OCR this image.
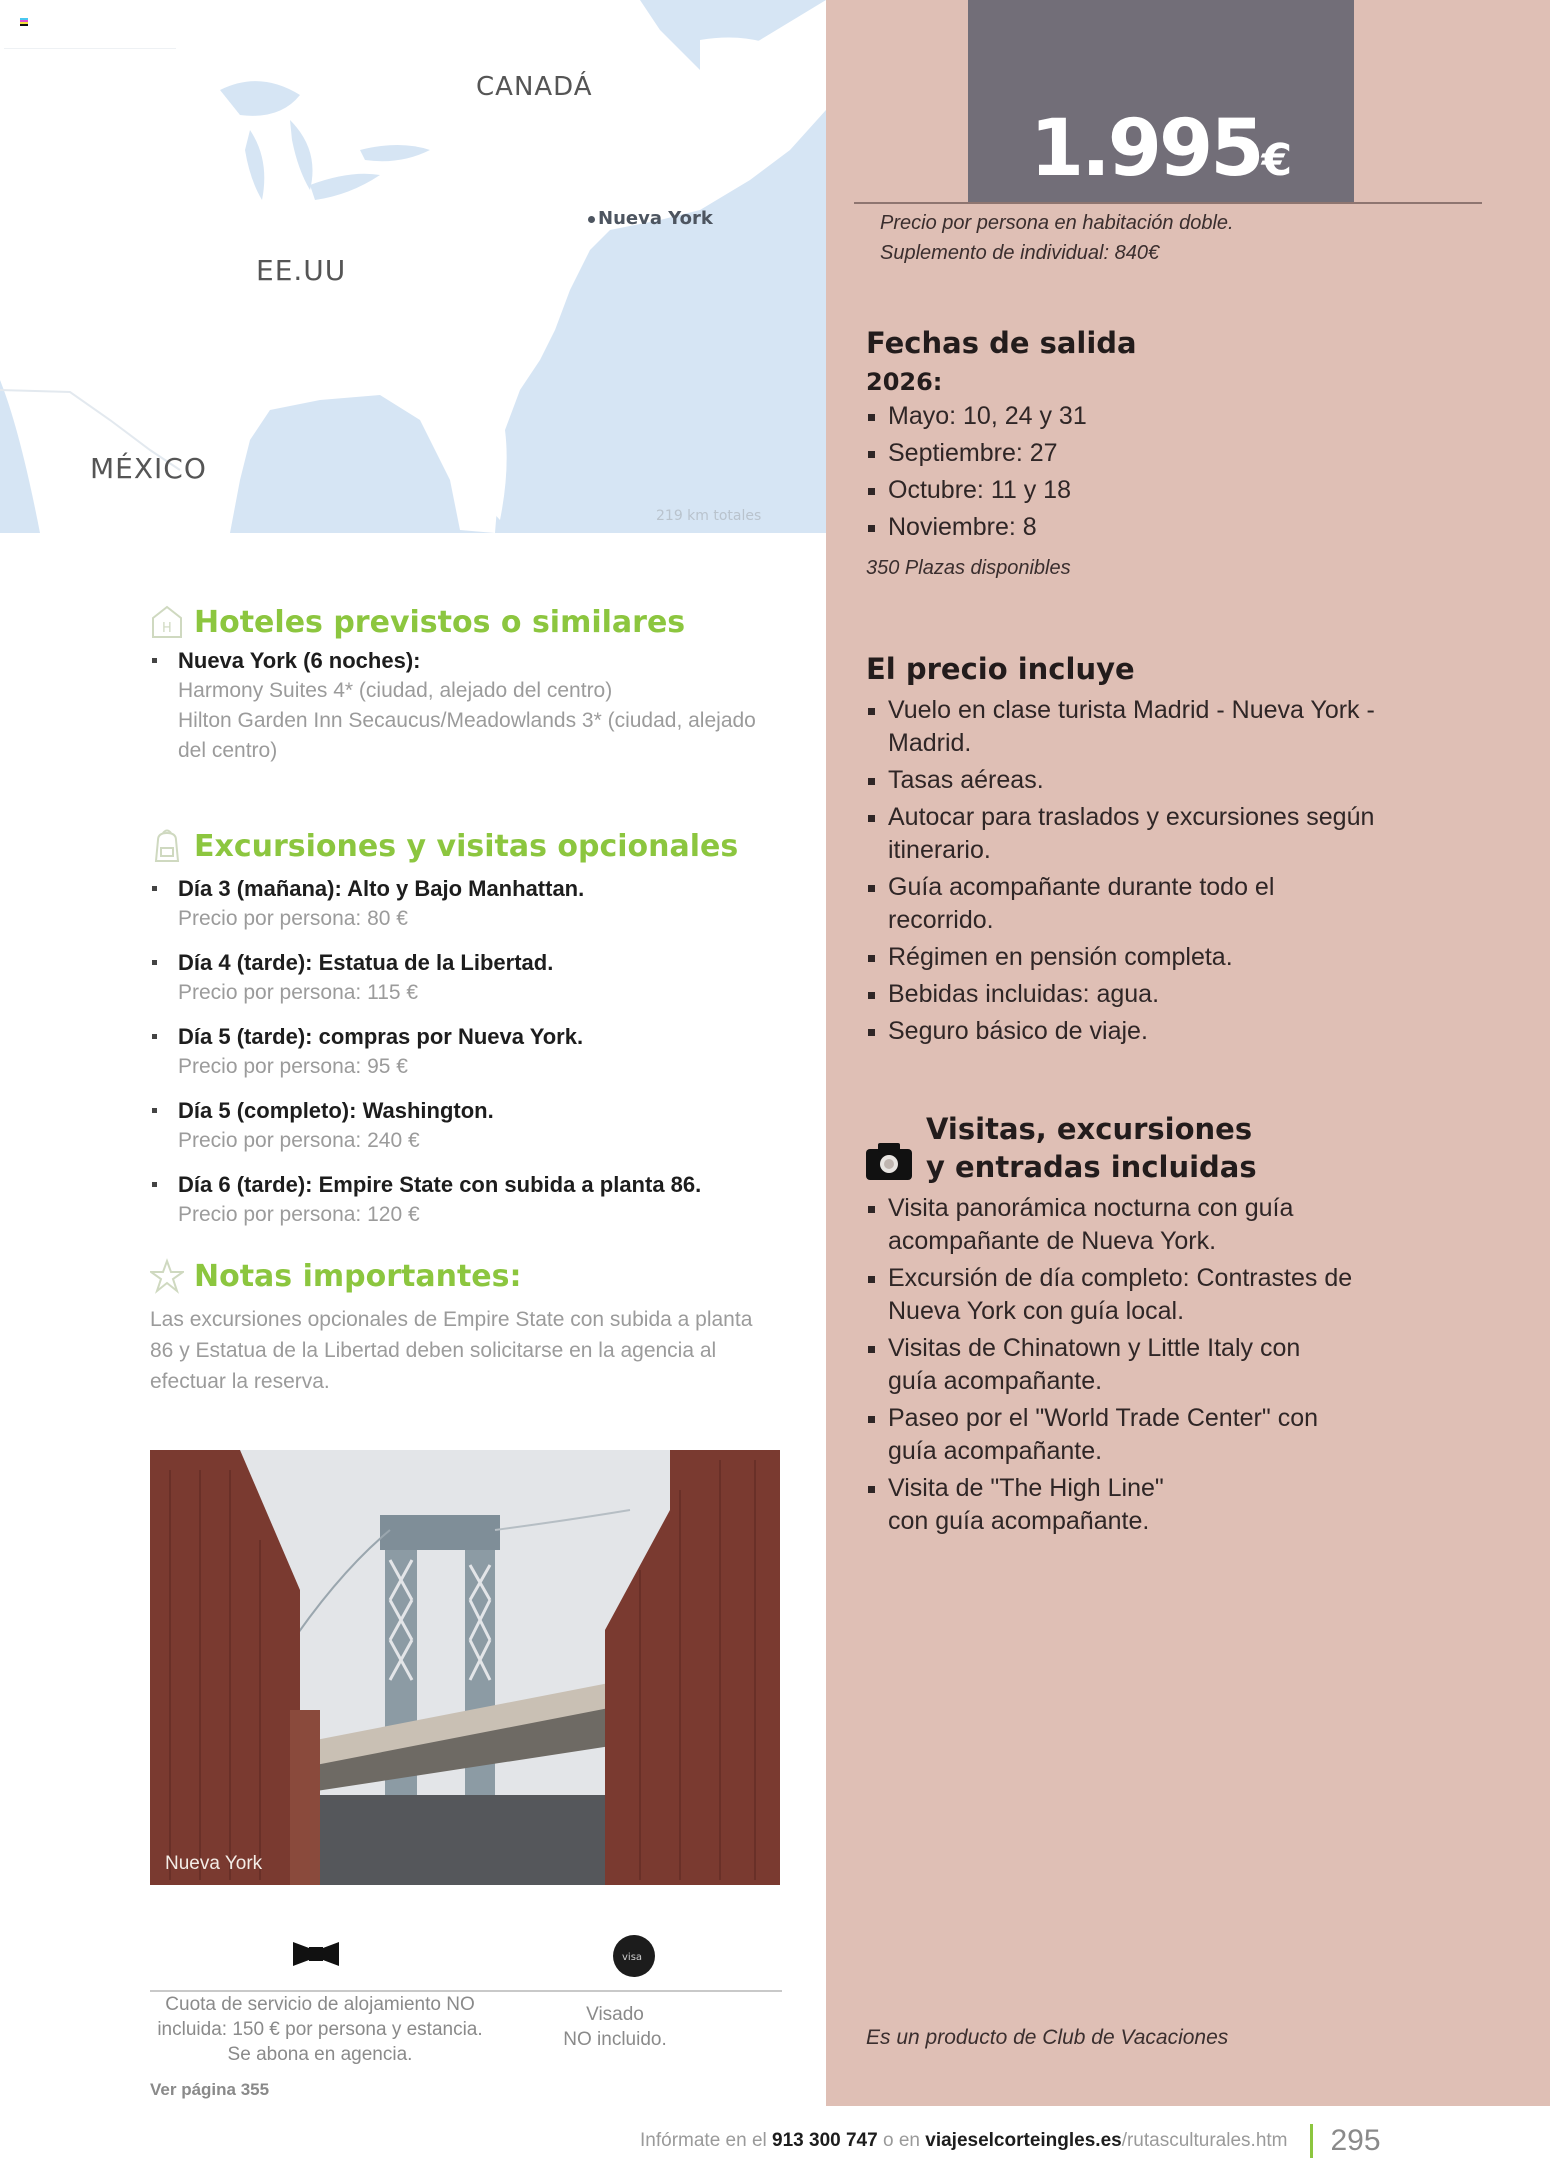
CANADÁ
EE.UU
MÉXICO
Nueva York
219 km totales
1.995€
Precio por persona en habitación doble.
Suplemento de individual: 840€
Fechas de salida
2026:
Mayo: 10, 24 y 31
Septiembre: 27
Octubre: 11 y 18
Noviembre: 8
350 Plazas disponibles
El precio incluye
Vuelo en clase turista Madrid - Nueva York - Madrid.
Tasas aéreas.
Autocar para traslados y excursiones según itinerario.
Guía acompañante durante todo el recorrido.
Régimen en pensión completa.
Bebidas incluidas: agua.
Seguro básico de viaje.
Visitas, excursiones
y entradas incluidas
Visita panorámica nocturna con guía acompañante de Nueva York.
Excursión de día completo: Contrastes de Nueva York con guía local.
Visitas de Chinatown y Little Italy con guía acompañante.
Paseo por el "World Trade Center" con guía acompañante.
Visita de "The High Line" con guía acompañante.
Es un producto de Club de Vacaciones
H Hoteles previstos o similares
Nueva York (6 noches):
Harmony Suites 4* (ciudad, alejado del centro)
Hilton Garden Inn Secaucus/Meadowlands 3* (ciudad, alejado del centro)
Excursiones y visitas opcionales
Día 3 (mañana): Alto y Bajo Manhattan.
Precio por persona: 80 €
Día 4 (tarde): Estatua de la Libertad.
Precio por persona: 115 €
Día 5 (tarde): compras por Nueva York.
Precio por persona: 95 €
Día 5 (completo): Washington.
Precio por persona: 240 €
Día 6 (tarde): Empire State con subida a planta 86.
Precio por persona: 120 €
Notas importantes:
Las excursiones opcionales de Empire State con subida a planta 86 y Estatua de la Libertad deben solicitarse en la agencia al efectuar la reserva.
Nueva York
visa
Cuota de servicio de alojamiento NO incluida: 150 € por persona y estancia. Se abona en agencia.
Visado
NO incluido.
Ver página 355
Infórmate en el 913 300 747 o en viajeselcorteingles.es/rutasculturales.htm 295
